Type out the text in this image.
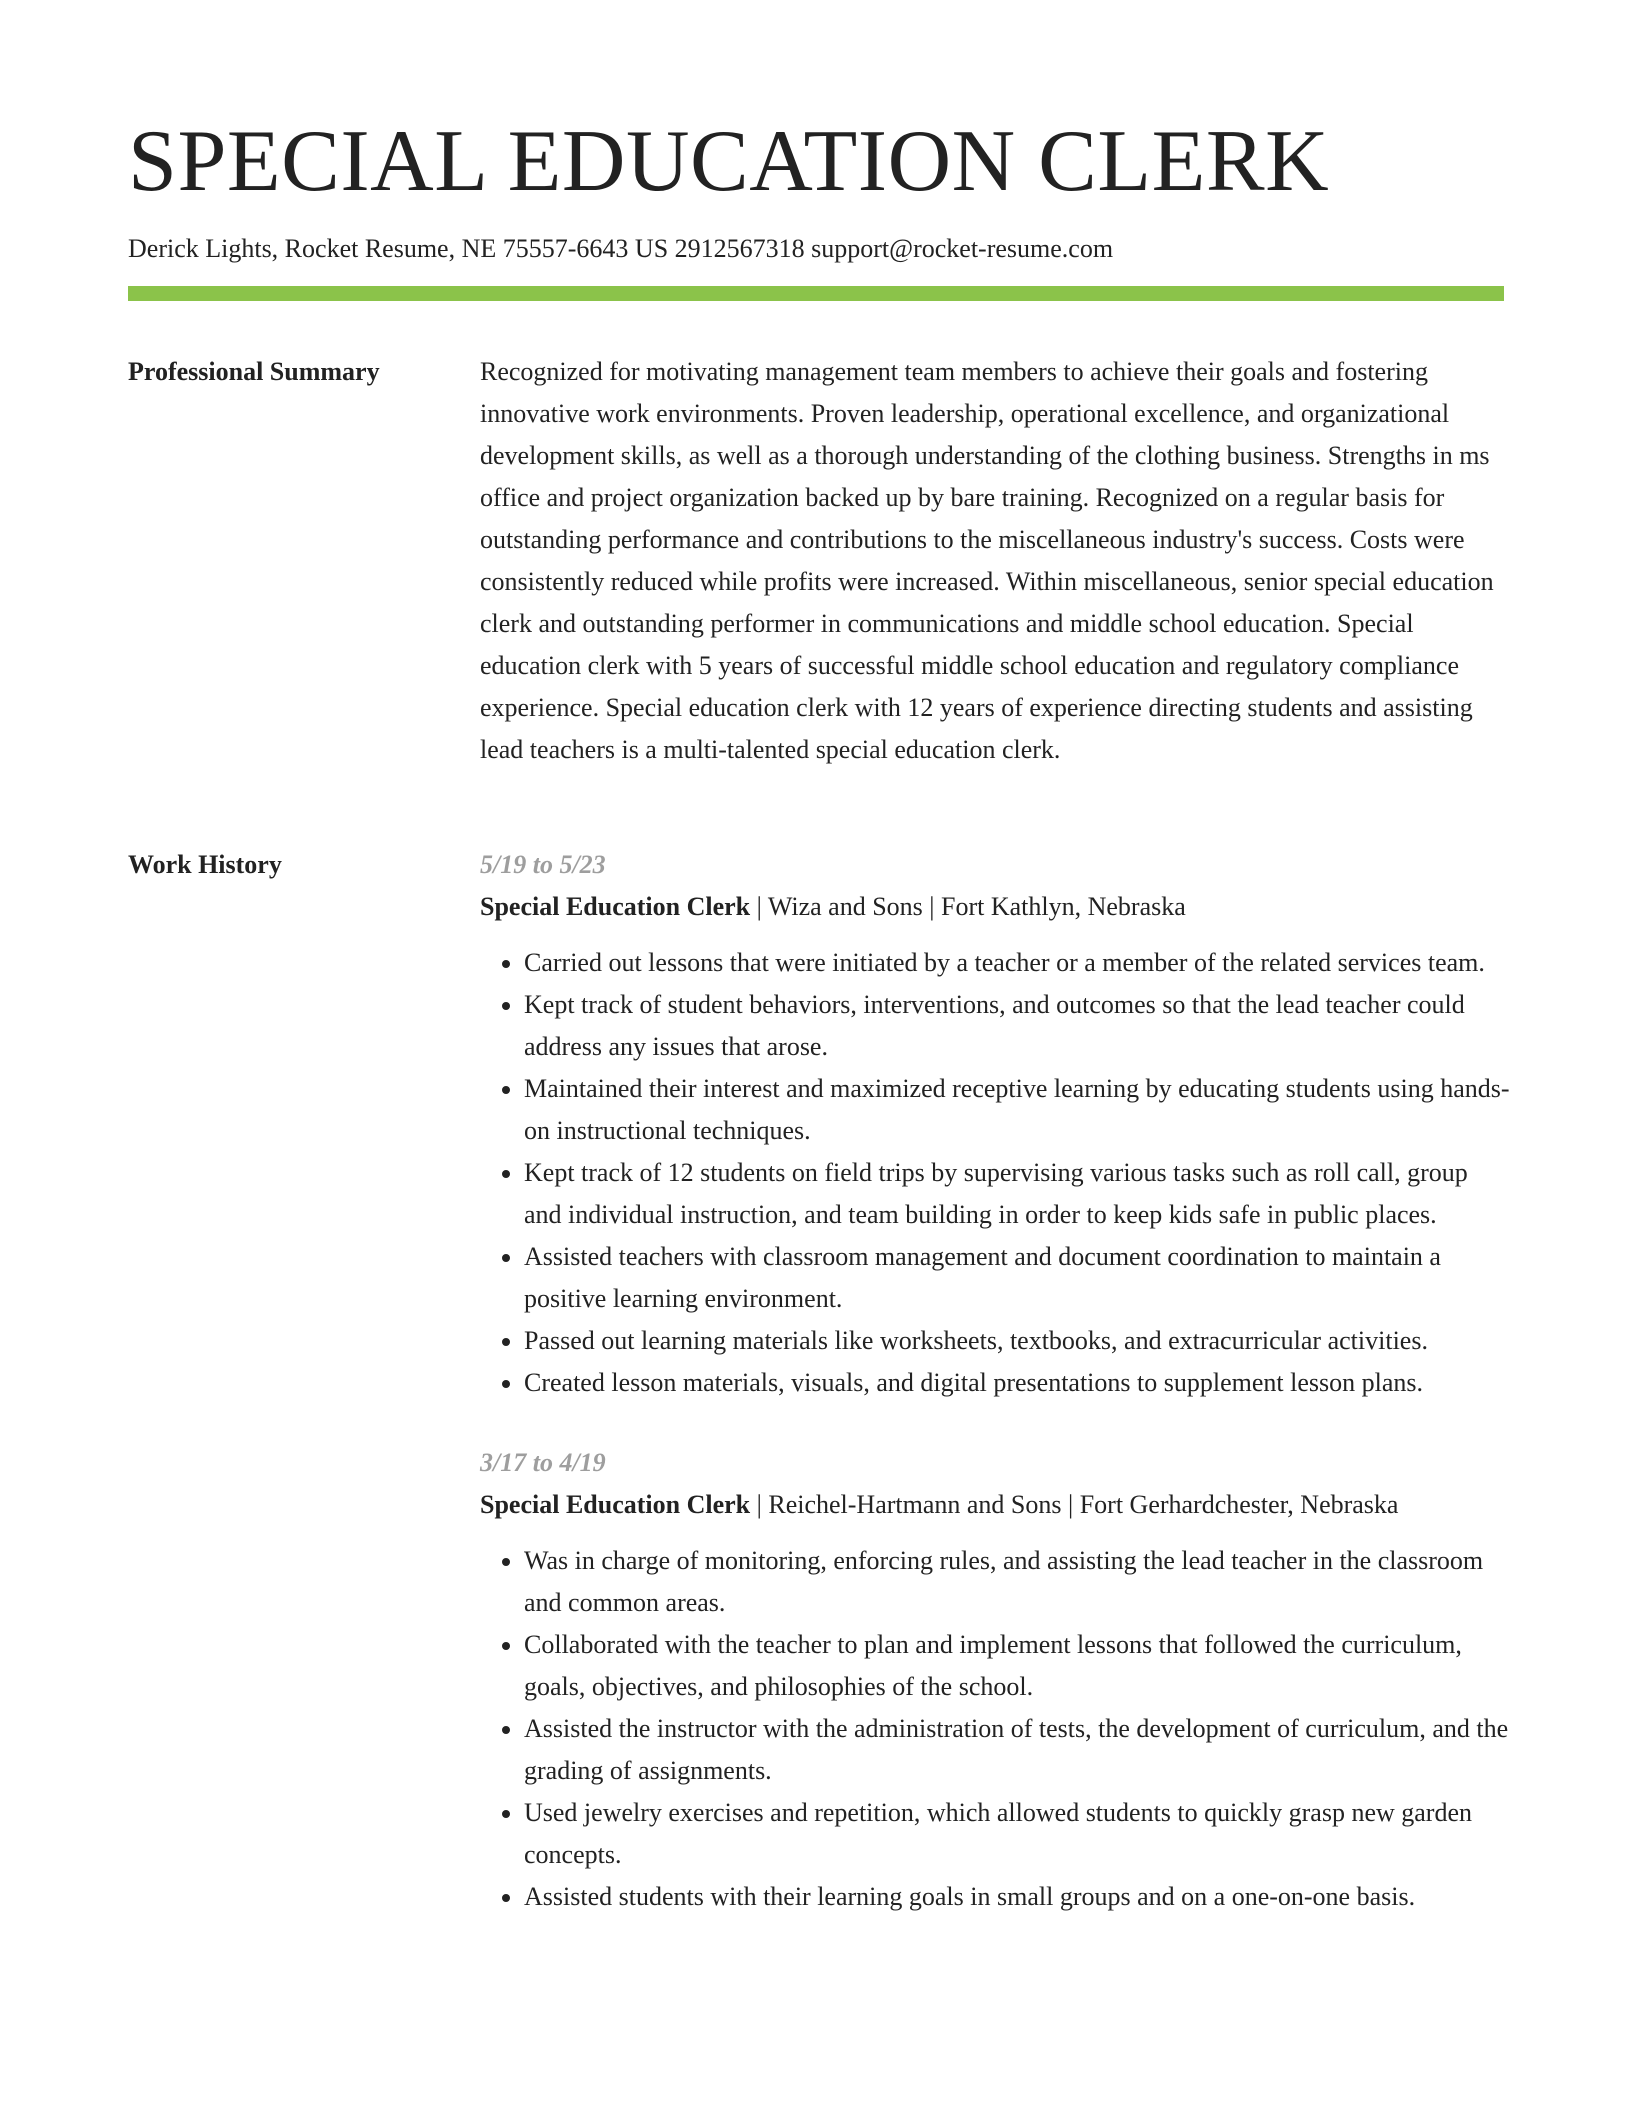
SPECIAL EDUCATION CLERK
Derick Lights, Rocket Resume, NE 75557-6643 US 2912567318 support@rocket-resume.com
Professional Summary	Recognized for motivating management team members to achieve their goals and fostering innovative work environments. Proven leadership, operational excellence, and organizational development skills, as well as a thorough understanding of the clothing business. Strengths in ms office and project organization backed up by bare training. Recognized on a regular basis for outstanding performance and contributions to the miscellaneous industry's success. Costs were consistently reduced while profits were increased. Within miscellaneous, senior special education clerk and outstanding performer in communications and middle school education. Special education clerk with 5 years of successful middle school education and regulatory compliance experience. Special education clerk with 12 years of experience directing students and assisting lead teachers is a multi-talented special education clerk.

Work History	5/19 to 5/23
Special Education Clerk | Wiza and Sons | Fort Kathlyn, Nebraska
• Carried out lessons that were initiated by a teacher or a member of the related services team.
• Kept track of student behaviors, interventions, and outcomes so that the lead teacher could address any issues that arose.
• Maintained their interest and maximized receptive learning by educating students using hands-on instructional techniques.
• Kept track of 12 students on field trips by supervising various tasks such as roll call, group and individual instruction, and team building in order to keep kids safe in public places.
• Assisted teachers with classroom management and document coordination to maintain a positive learning environment.
• Passed out learning materials like worksheets, textbooks, and extracurricular activities.
• Created lesson materials, visuals, and digital presentations to supplement lesson plans.
3/17 to 4/19
Special Education Clerk | Reichel-Hartmann and Sons | Fort Gerhardchester, Nebraska
• Was in charge of monitoring, enforcing rules, and assisting the lead teacher in the classroom and common areas.
• Collaborated with the teacher to plan and implement lessons that followed the curriculum, goals, objectives, and philosophies of the school.
• Assisted the instructor with the administration of tests, the development of curriculum, and the grading of assignments.
• Used jewelry exercises and repetition, which allowed students to quickly grasp new garden concepts.
• Assisted students with their learning goals in small groups and on a one-on-one basis.
